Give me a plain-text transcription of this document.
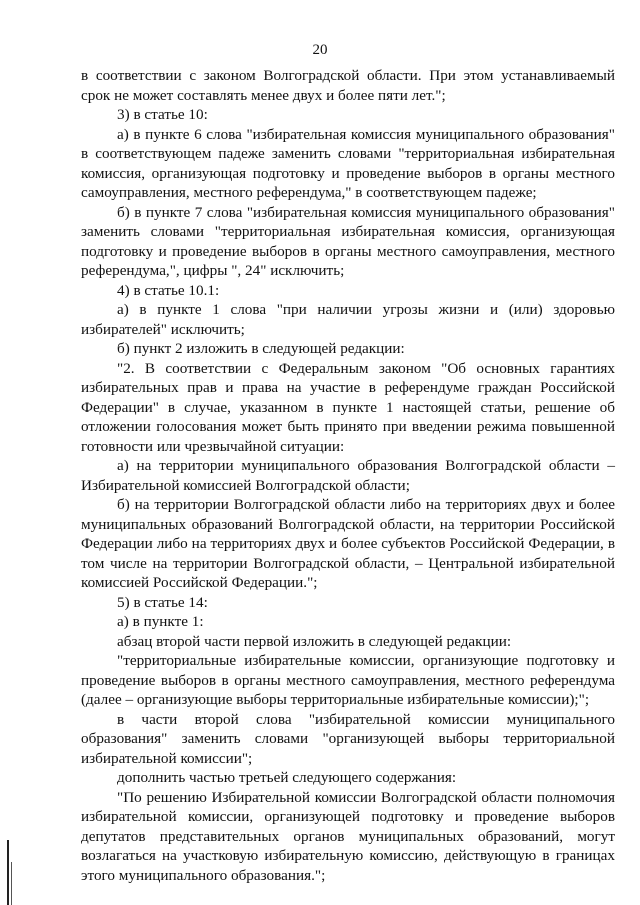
20

в соответствии с законом Волгоградской области. При этом устанавливаемый срок не может составлять менее двух и более пяти лет.";

3) в статье 10:

а) в пункте 6 слова "избирательная комиссия муниципального образования" в соответствующем падеже заменить словами "территориальная избирательная комиссия, организующая подготовку и проведение выборов в органы местного самоуправления, местного референдума," в соответствующем падеже;

б) в пункте 7 слова "избирательная комиссия муниципального образования" заменить словами "территориальная избирательная комиссия, организующая подготовку и проведение выборов в органы местного самоуправления, местного референдума,", цифры ", 24" исключить;

4) в статье 10.1:

а) в пункте 1 слова "при наличии угрозы жизни и (или) здоровью избирателей" исключить;

б) пункт 2 изложить в следующей редакции:

"2. В соответствии с Федеральным законом "Об основных гарантиях избирательных прав и права на участие в референдуме граждан Российской Федерации" в случае, указанном в пункте 1 настоящей статьи, решение об отложении голосования может быть принято при введении режима повышенной готовности или чрезвычайной ситуации:

а) на территории муниципального образования Волгоградской области – Избирательной комиссией Волгоградской области;

б) на территории Волгоградской области либо на территориях двух и более муниципальных образований Волгоградской области, на территории Российской Федерации либо на территориях двух и более субъектов Российской Федерации, в том числе на территории Волгоградской области, – Центральной избирательной комиссией Российской Федерации.";

5) в статье 14:

а) в пункте 1:

абзац второй части первой изложить в следующей редакции:

"территориальные избирательные комиссии, организующие подготовку и проведение выборов в органы местного самоуправления, местного референдума (далее – организующие выборы территориальные избирательные комиссии);";

в части второй слова "избирательной комиссии муниципального образования" заменить словами "организующей выборы территориальной избирательной комиссии";

дополнить частью третьей следующего содержания:

"По решению Избирательной комиссии Волгоградской области полномочия избирательной комиссии, организующей подготовку и проведение выборов депутатов представительных органов муниципальных образований, могут возлагаться на участковую избирательную комиссию, действующую в границах этого муниципального образования.";
